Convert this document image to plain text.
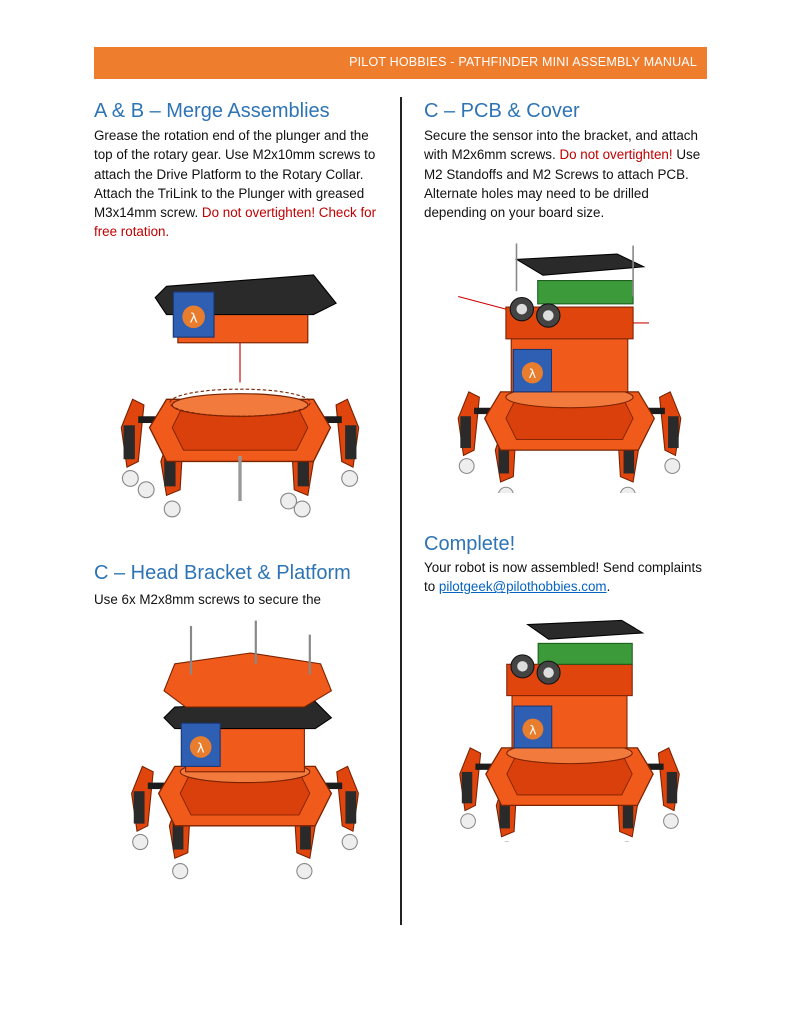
PILOT HOBBIES - PATHFINDER MINI ASSEMBLY MANUAL
A & B – Merge Assemblies

Grease the rotation end of the plunger and the top of the rotary gear. Use M2x10mm screws to attach the Drive Platform to the Rotary Collar. Attach the TriLink to the Plunger with greased M3x14mm screw. Do not overtighten! Check for free rotation.

C – Head Bracket & Platform

Use 6x M2x8mm screws to secure the

C – PCB & Cover

Secure the sensor into the bracket, and attach with M2x6mm screws. Do not overtighten! Use M2 Standoffs and M2 Screws to attach PCB. Alternate holes may need to be drilled depending on your board size.

Complete!

Your robot is now assembled! Send complaints to pilotgeek@pilothobbies.com.
